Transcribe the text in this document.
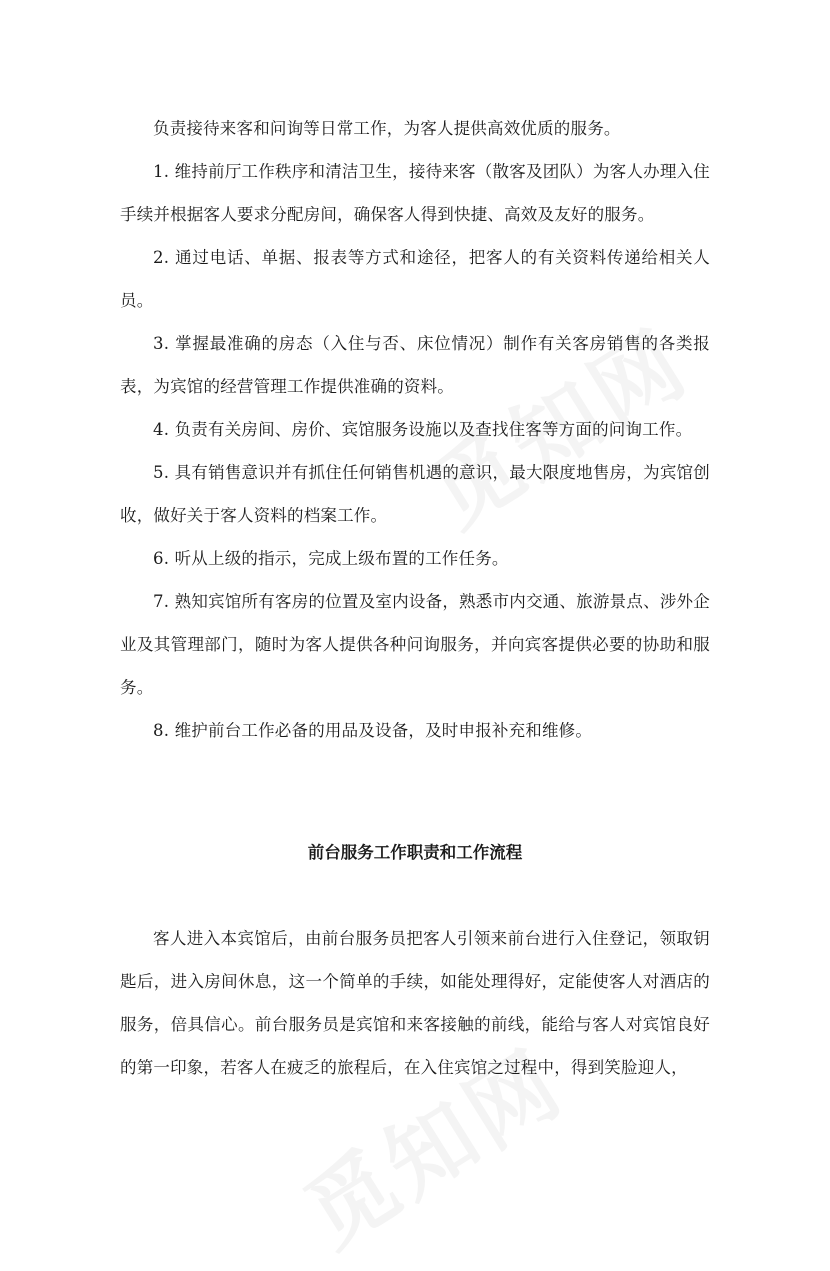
负责接待来客和问询等日常工作，为客人提供高效优质的服务。

1. 维持前厅工作秩序和清洁卫生，接待来客（散客及团队）为客人办理入住手续并根据客人要求分配房间，确保客人得到快捷、高效及友好的服务。

2. 通过电话、单据、报表等方式和途径，把客人的有关资料传递给相关人员。

3. 掌握最准确的房态（入住与否、床位情况）制作有关客房销售的各类报表，为宾馆的经营管理工作提供准确的资料。

4. 负责有关房间、房价、宾馆服务设施以及查找住客等方面的问询工作。

5. 具有销售意识并有抓住任何销售机遇的意识，最大限度地售房，为宾馆创收，做好关于客人资料的档案工作。

6. 听从上级的指示，完成上级布置的工作任务。

7. 熟知宾馆所有客房的位置及室内设备，熟悉市内交通、旅游景点、涉外企业及其管理部门，随时为客人提供各种问询服务，并向宾客提供必要的协助和服务。

8. 维护前台工作必备的用品及设备，及时申报补充和维修。

前台服务工作职责和工作流程

客人进入本宾馆后，由前台服务员把客人引领来前台进行入住登记，领取钥匙后，进入房间休息，这一个简单的手续，如能处理得好，定能使客人对酒店的服务，倍具信心。前台服务员是宾馆和来客接触的前线，能给与客人对宾馆良好的第一印象，若客人在疲乏的旅程后，在入住宾馆之过程中，得到笑脸迎人，
